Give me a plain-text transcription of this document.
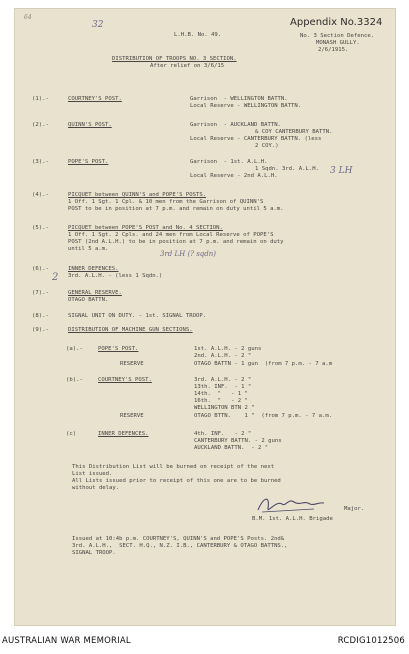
Appendix No.3324
32
64
L.H.B. No. 49.	No. 3 Section Defence.
MONASH GULLY.
2/6/1915.
DISTRIBUTION OF TROOPS NO. 3 SECTION.
After relief on 3/6/15
(1).-	COURTNEY'S POST.	Garrison  - WELLINGTON BATTN.
Local Reserve - WELLINGTON BATTN.
(2).-	QUINN'S POST.	Garrison  - AUCKLAND BATTN.
& COY CANTERBURY BATTN.
Local Reserve - CANTERBURY BATTN. (less
2 COY.)
(3).-	POPE'S POST.	Garrison  - 1st. A.L.H.
1 Sqdn. 3rd. A.L.H.
Local Reserve - 2nd A.L.H.	3 LH
(4).-	PICQUET between QUINN'S and POPE'S POSTS.
1 Off. 1 Sgt. 1 Cpl. & 10 men from the Garrison of QUINN'S
POST to be in position at 7 p.m. and remain on duty until 5 a.m.
(5).-	PICQUET between POPE'S POST and No. 4 SECTION.
1 Off. 1 Sgt. 2 Cpls. and 24 men from Local Reserve of POPE'S
POST (2nd A.L.H.) to be in position at 7 p.m. and remain on duty
until 5 a.m.
3rd LH (? sqdn)
(6).-	INNER DEFENCES.
3rd. A.L.H. - (less 1 Sqdn.)
2
(7).-	GENERAL RESERVE.
OTAGO BATTN.
(8).-	SIGNAL UNIT ON DUTY. - 1st. SIGNAL TROOP.
(9).-	DISTRIBUTION OF MACHINE GUN SECTIONS.
(a).-	POPE'S POST.	1st. A.L.H. - 2 guns
2nd. A.L.H. - 2 "
RESERVE	OTAGO BATTN - 1 gun  (from 7 p.m. - 7 a.m
(b).-	COURTNEY'S POST.	3rd. A.L.H. - 2 "
13th. INF.  - 1 "
14th.  "   - 1 "
16th.  "   - 2 "
WELLINGTON BTN 2 "
RESERVE	OTAGO BTTN.    1 "  (from 7 p.m. - 7 a.m.
(c)	INNER DEFENCES.	4th. INF.   - 2 "
CANTERBURY BATTN. - 2 guns
AUCKLAND BATTN.  - 2 "
This Distribution List will be burned on receipt of the next
List issued.
All Lists issued prior to receipt of this one are to be burned
without delay.
Major.
B.M. 1st. A.L.H. Brigade
Issued at 10:4b p.m. COURTNEY'S, QUINN'S and POPE'S Posts. 2nd&
3rd. A.L.H.,  SECT. H.Q., N.Z. I.B., CANTERBURY & OTAGO BATTNS.,
SIGNAL TROOP.
AUSTRALIAN WAR MEMORIAL	RCDIG1012506
